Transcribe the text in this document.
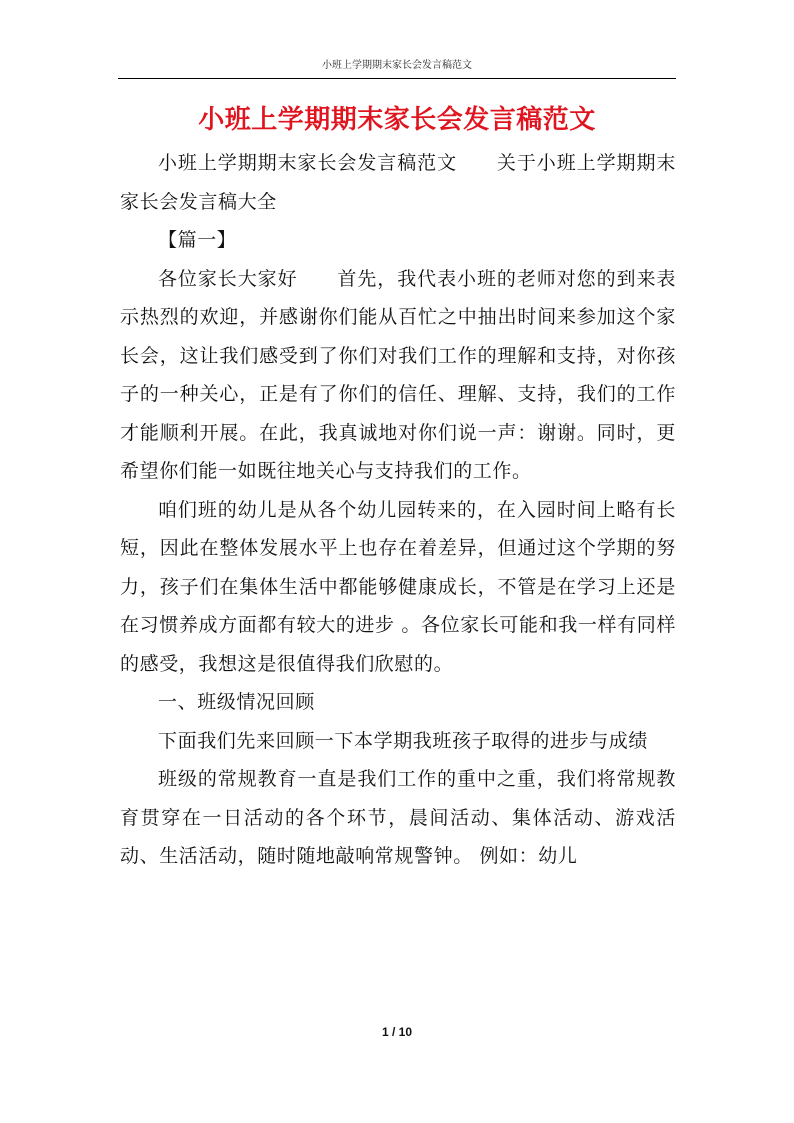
小班上学期期末家长会发言稿范文
小班上学期期末家长会发言稿范文

小班上学期期末家长会发言稿范文　　关于小班上学期期末家长会发言稿大全

【篇一】

各位家长大家好　　首先，我代表小班的老师对您的到来表示热烈的欢迎，并感谢你们能从百忙之中抽出时间来参加这个家长会，这让我们感受到了你们对我们工作的理解和支持，对你孩子的一种关心，正是有了你们的信任、理解、支持，我们的工作才能顺利开展。在此，我真诚地对你们说一声：谢谢。同时，更希望你们能一如既往地关心与支持我们的工作。

咱们班的幼儿是从各个幼儿园转来的，在入园时间上略有长短，因此在整体发展水平上也存在着差异，但通过这个学期的努力，孩子们在集体生活中都能够健康成长，不管是在学习上还是在习惯养成方面都有较大的进步 。各位家长可能和我一样有同样的感受，我想这是很值得我们欣慰的。

一、班级情况回顾

下面我们先来回顾一下本学期我班孩子取得的进步与成绩

班级的常规教育一直是我们工作的重中之重，我们将常规教育贯穿在一日活动的各个环节，晨间活动、集体活动、游戏活动、生活活动，随时随地敲响常规警钟。 例如：幼儿

1 / 10
